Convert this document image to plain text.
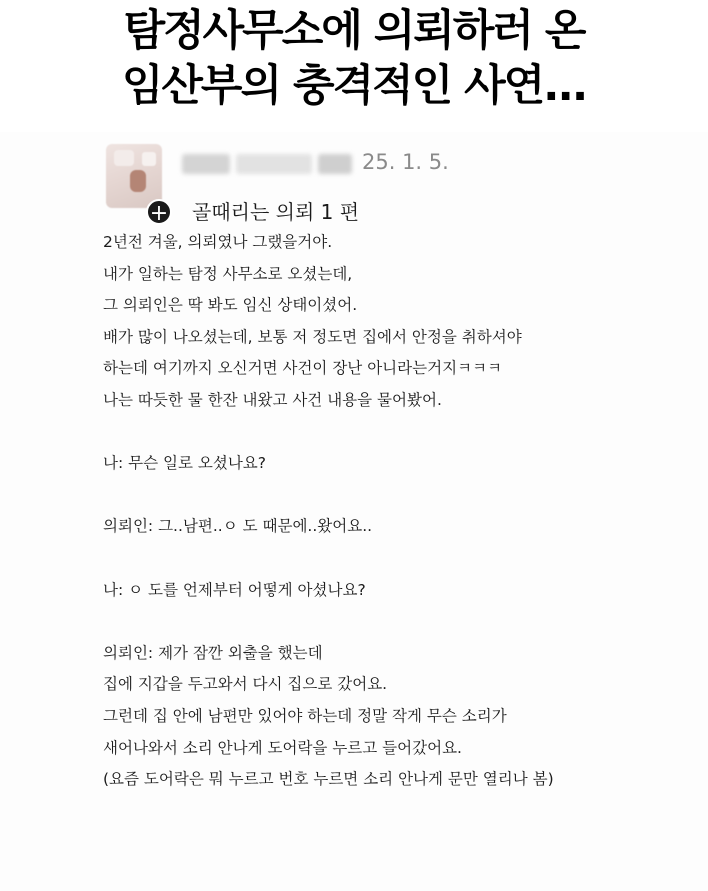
탐정사무소에 의뢰하러 온
임산부의 충격적인 사연...
+
25. 1. 5.
골때리는 의뢰 1 편
2년전 겨울, 의뢰였나 그랬을거야.
내가 일하는 탐정 사무소로 오셨는데,
그 의뢰인은 딱 봐도 임신 상태이셨어.
배가 많이 나오셨는데, 보통 저 정도면 집에서 안정을 취하셔야
하는데 여기까지 오신거면 사건이 장난 아니라는거지ㅋㅋㅋ
나는 따듯한 물 한잔 내왔고 사건 내용을 물어봤어.
나: 무슨 일로 오셨나요?
의뢰인: 그..남편..ㅇ 도 때문에..왔어요..
나: ㅇ 도를 언제부터 어떻게 아셨나요?
의뢰인: 제가 잠깐 외출을 했는데
집에 지갑을 두고와서 다시 집으로 갔어요.
그런데 집 안에 남편만 있어야 하는데 정말 작게 무슨 소리가
새어나와서 소리 안나게 도어락을 누르고 들어갔어요.
(요즘 도어락은 뭐 누르고 번호 누르면 소리 안나게 문만 열리나 봄)
